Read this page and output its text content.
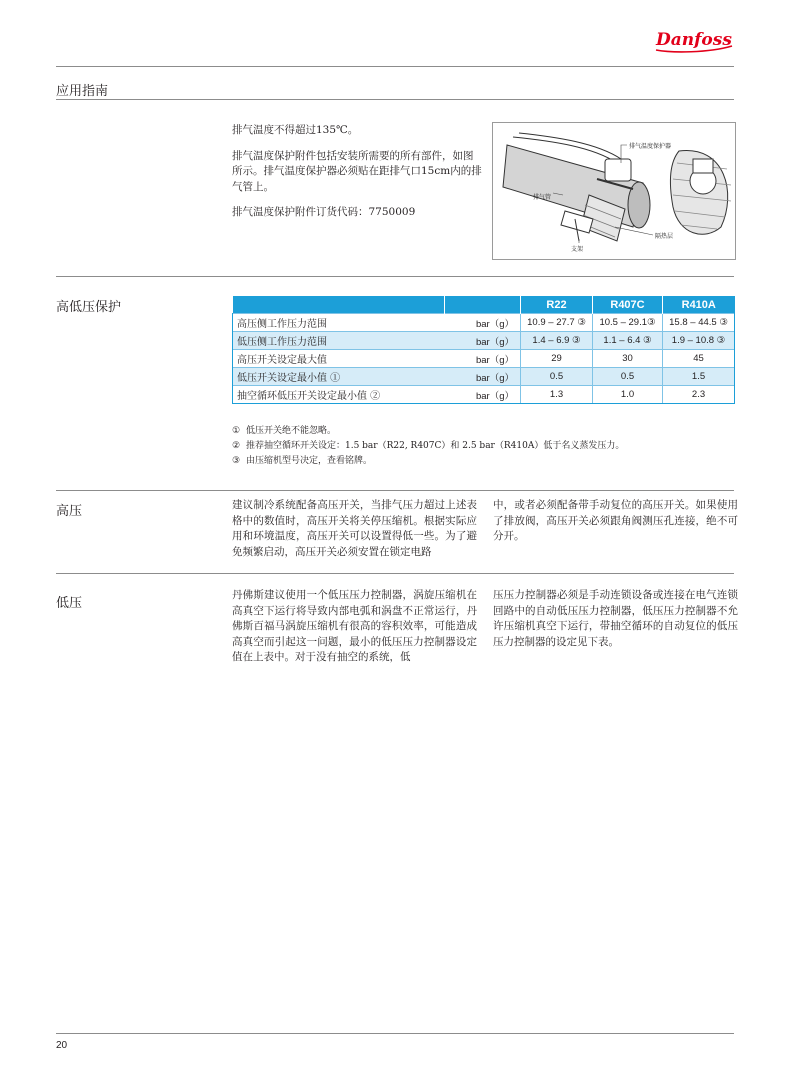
Danfoss
应用指南

排气温度不得超过135℃。

排气温度保护附件包括安装所需要的所有部件，如图所示。排气温度保护器必须贴在距排气口15cm内的排气管上。

排气温度保护附件订货代码：7750009

排气温度保护器
排气管
隔热层
支架
高低压保护
			R22	R407C	R410A
高压侧工作压力范围	bar（g）	10.9 – 27.7 ③	10.5 – 29.1③	15.8 – 44.5 ③
低压侧工作压力范围	bar（g）	1.4 – 6.9 ③	1.1 – 6.4 ③	1.9 – 10.8 ③
高压开关设定最大值	bar（g）	29	30	45
低压开关设定最小值 ①	bar（g）	0.5	0.5	1.5
抽空循环低压开关设定最小值 ②	bar（g）	1.3	1.0	2.3
① 低压开关绝不能忽略。
② 推荐抽空循环开关设定：1.5 bar（R22, R407C）和 2.5 bar（R410A）低于名义蒸发压力。
③ 由压缩机型号决定，查看铭牌。
高压	建议制冷系统配备高压开关，当排气压力超过上述表格中的数值时，高压开关将关停压缩机。根据实际应用和环境温度，高压开关可以设置得低一些。为了避免频繁启动，高压开关必须安置在锁定电路
中，或者必须配备带手动复位的高压开关。如果使用了排放阀，高压开关必须跟角阀测压孔连接，绝不可分开。
低压	丹佛斯建议使用一个低压压力控制器，涡旋压缩机在高真空下运行将导致内部电弧和涡盘不正常运行，丹佛斯百福马涡旋压缩机有很高的容积效率，可能造成高真空而引起这一问题，最小的低压压力控制器设定值在上表中。对于没有抽空的系统，低
压压力控制器必须是手动连锁设备或连接在电气连锁回路中的自动低压压力控制器，低压压力控制器不允许压缩机真空下运行，带抽空循环的自动复位的低压压力控制器的设定见下表。
20
